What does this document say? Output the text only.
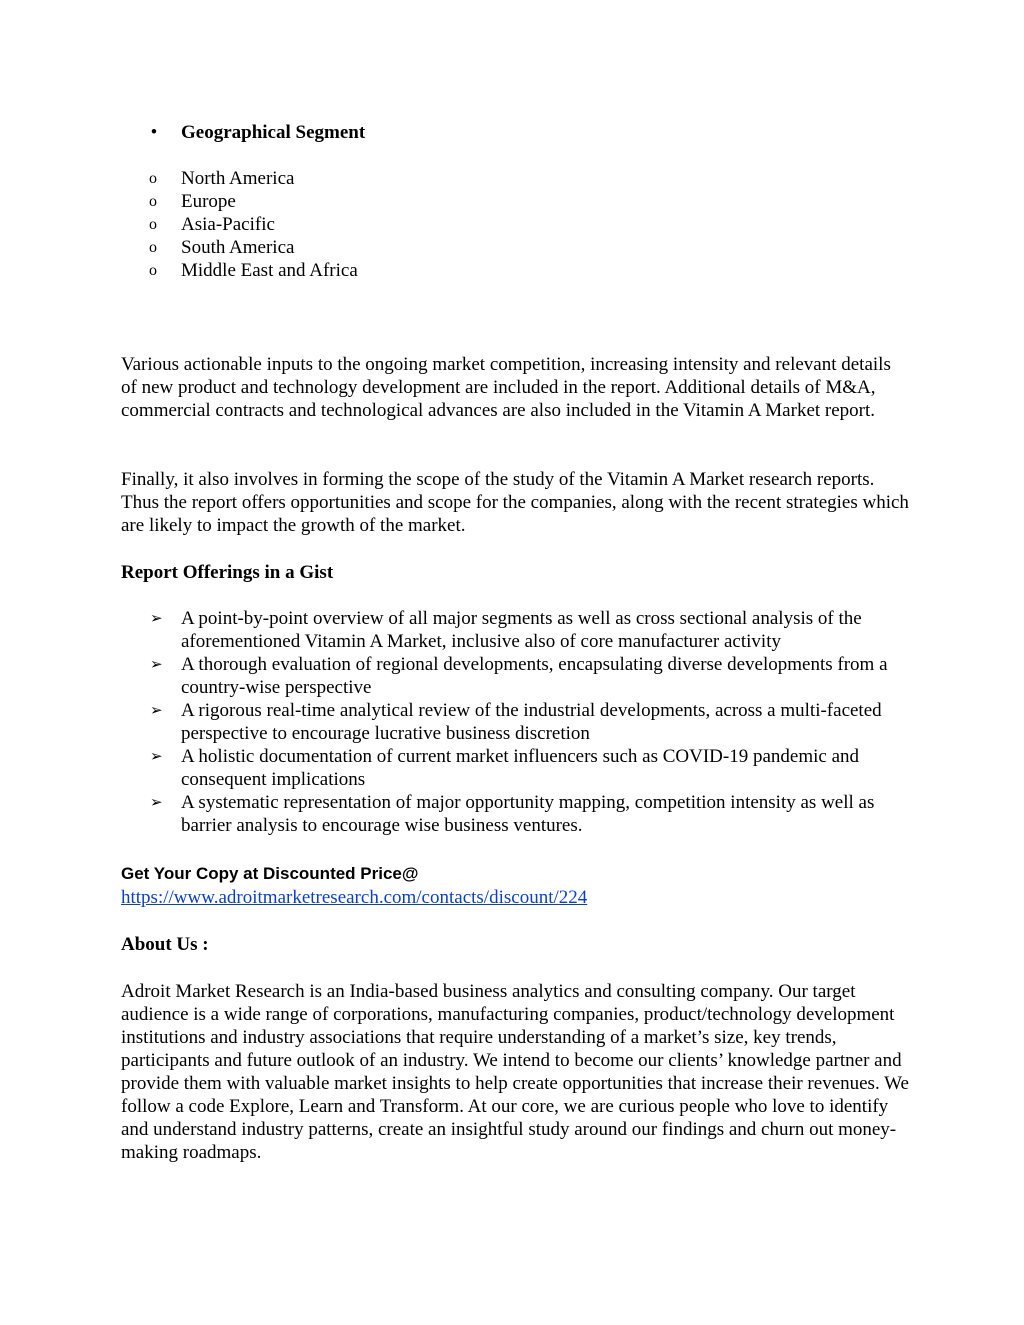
• Geographical Segment
o North America
o Europe
o Asia-Pacific
o South America
o Middle East and Africa

Various actionable inputs to the ongoing market competition, increasing intensity and relevant details of new product and technology development are included in the report. Additional details of M&A, commercial contracts and technological advances are also included in the Vitamin A Market report.

Finally, it also involves in forming the scope of the study of the Vitamin A Market research reports. Thus the report offers opportunities and scope for the companies, along with the recent strategies which are likely to impact the growth of the market.

Report Offerings in a Gist

➢ A point-by-point overview of all major segments as well as cross sectional analysis of the aforementioned Vitamin A Market, inclusive also of core manufacturer activity
➢ A thorough evaluation of regional developments, encapsulating diverse developments from a country-wise perspective
➢ A rigorous real-time analytical review of the industrial developments, across a multi-faceted perspective to encourage lucrative business discretion
➢ A holistic documentation of current market influencers such as COVID-19 pandemic and consequent implications
➢ A systematic representation of major opportunity mapping, competition intensity as well as barrier analysis to encourage wise business ventures.

Get Your Copy at Discounted Price@

https://www.adroitmarketresearch.com/contacts/discount/224

About Us :

Adroit Market Research is an India-based business analytics and consulting company. Our target audience is a wide range of corporations, manufacturing companies, product/technology development institutions and industry associations that require understanding of a market’s size, key trends, participants and future outlook of an industry. We intend to become our clients’ knowledge partner and provide them with valuable market insights to help create opportunities that increase their revenues. We follow a code Explore, Learn and Transform. At our core, we are curious people who love to identify and understand industry patterns, create an insightful study around our findings and churn out money-making roadmaps.
